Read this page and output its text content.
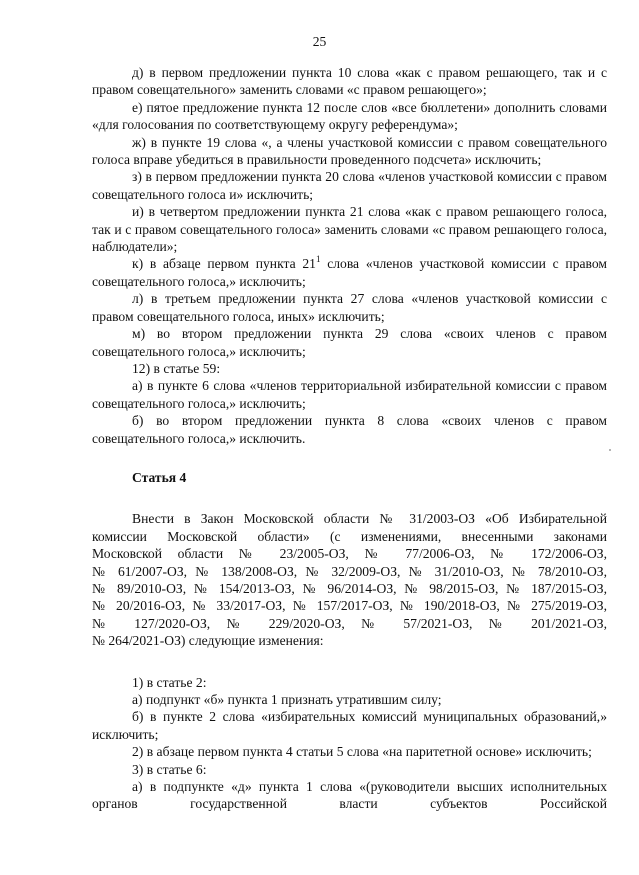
25

д) в первом предложении пункта 10 слова «как с правом решающего, так и с правом совещательного» заменить словами «с правом решающего»;

е) пятое предложение пункта 12 после слов «все бюллетени» дополнить словами «для голосования по соответствующему округу референдума»;

ж) в пункте 19 слова «, а члены участковой комиссии с правом совещательного голоса вправе убедиться в правильности проведенного подсчета» исключить;

з) в первом предложении пункта 20 слова «членов участковой комиссии с правом совещательного голоса и» исключить;

и) в четвертом предложении пункта 21 слова «как с правом решающего голоса, так и с правом совещательного голоса» заменить словами «с правом решающего голоса, наблюдатели»;

к) в абзаце первом пункта $21^1$ слова «членов участковой комиссии с правом совещательного голоса,» исключить;

л) в третьем предложении пункта 27 слова «членов участковой комиссии с правом совещательного голоса, иных» исключить;

м) во втором предложении пункта 29 слова «своих членов с правом совещательного голоса,» исключить;

12) в статье 59:

а) в пункте 6 слова «членов территориальной избирательной комиссии с правом совещательного голоса,» исключить;

б) во втором предложении пункта 8 слова «своих членов с правом совещательного голоса,» исключить.

Статья 4

Внести в Закон Московской области № 31/2003-ОЗ «Об Избирательной

комиссии Московской области» (с изменениями, внесенными законами

Московской области № 23/2005-ОЗ, № 77/2006-ОЗ, № 172/2006-ОЗ,

№ 61/2007-ОЗ, № 138/2008-ОЗ, № 32/2009-ОЗ, № 31/2010-ОЗ, № 78/2010-ОЗ,

№ 89/2010-ОЗ, № 154/2013-ОЗ, № 96/2014-ОЗ, № 98/2015-ОЗ, № 187/2015-ОЗ,

№ 20/2016-ОЗ, № 33/2017-ОЗ, № 157/2017-ОЗ, № 190/2018-ОЗ, № 275/2019-ОЗ,

№ 127/2020-ОЗ, № 229/2020-ОЗ, № 57/2021-ОЗ, № 201/2021-ОЗ,

№ 264/2021-ОЗ) следующие изменения:

1) в статье 2:

а) подпункт «б» пункта 1 признать утратившим силу;

б) в пункте 2 слова «избирательных комиссий муниципальных образований,» исключить;

2) в абзаце первом пункта 4 статьи 5 слова «на паритетной основе» исключить;

3) в статье 6:

а) в подпункте «д» пункта 1 слова «(руководители высших исполнительных органов государственной власти субъектов Российской
